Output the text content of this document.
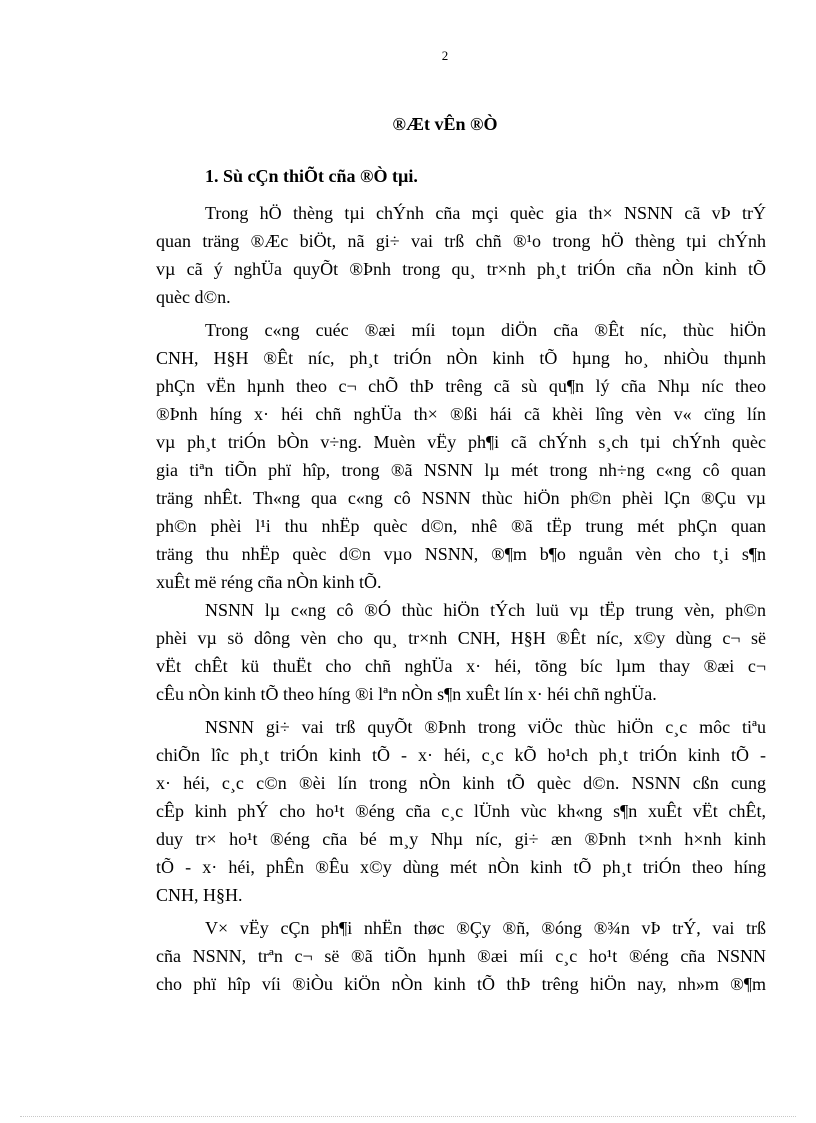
2
®Æt vÊn ®Ò
1. Sù cÇn thiÕt cña ®Ò tµi.
Trong hÖ thèng tµi chÝnh cña mçi quèc gia th× NSNN cã vÞ trÝ
quan träng ®Æc biÖt, nã gi÷ vai trß chñ ®¹o trong hÖ thèng tµi chÝnh
vµ cã ý nghÜa quyÕt ®Þnh trong qu¸ tr×nh ph¸t triÓn cña nÒn kinh tÕ
quèc d©n.
Trong c«ng cuéc ®æi míi toµn diÖn cña ®Êt níc, thùc hiÖn
CNH, H§H ®Êt níc, ph¸t triÓn nÒn kinh tÕ hµng ho¸ nhiÒu thµnh
phÇn vËn hµnh theo c¬ chÕ thÞ trêng cã sù qu¶n lý cña Nhµ níc theo
®Þnh híng x· héi chñ nghÜa th× ®ßi hái cã khèi lîng vèn v« cïng lín
vµ ph¸t triÓn bÒn v÷ng. Muèn vËy ph¶i cã chÝnh s¸ch tµi chÝnh quèc
gia tiªn tiÕn phï hîp, trong ®ã NSNN lµ mét trong nh÷ng c«ng cô quan
träng nhÊt. Th«ng qua c«ng cô NSNN thùc hiÖn ph©n phèi lÇn ®Çu vµ
ph©n phèi l¹i thu nhËp quèc d©n, nhê ®ã tËp trung mét phÇn quan
träng thu nhËp quèc d©n vµo NSNN, ®¶m b¶o nguån vèn cho t¸i s¶n
xuÊt më réng cña nÒn kinh tÕ.
NSNN lµ c«ng cô ®Ó thùc hiÖn tÝch luü vµ tËp trung vèn, ph©n
phèi vµ sö dông vèn cho qu¸ tr×nh CNH, H§H ®Êt níc, x©y dùng c¬ së
vËt chÊt kü thuËt cho chñ nghÜa x· héi, tõng bíc lµm thay ®æi c¬
cÊu nÒn kinh tÕ theo híng ®i lªn nÒn s¶n xuÊt lín x· héi chñ nghÜa.
NSNN gi÷ vai trß quyÕt ®Þnh trong viÖc thùc hiÖn c¸c môc tiªu
chiÕn lîc ph¸t triÓn kinh tÕ - x· héi, c¸c kÕ ho¹ch ph¸t triÓn kinh tÕ -
x· héi, c¸c c©n ®èi lín trong nÒn kinh tÕ quèc d©n. NSNN cßn cung
cÊp kinh phÝ cho ho¹t ®éng cña c¸c lÜnh vùc kh«ng s¶n xuÊt vËt chÊt,
duy tr× ho¹t ®éng cña bé m¸y Nhµ níc, gi÷ æn ®Þnh t×nh h×nh kinh
tÕ - x· héi, phÊn ®Êu x©y dùng mét nÒn kinh tÕ ph¸t triÓn theo híng
CNH, H§H.
V× vËy cÇn ph¶i nhËn thøc ®Çy ®ñ, ®óng ®¾n vÞ trÝ, vai trß
cña NSNN, trªn c¬ së ®ã tiÕn hµnh ®æi míi c¸c ho¹t ®éng cña NSNN
cho phï hîp víi ®iÒu kiÖn nÒn kinh tÕ thÞ trêng hiÖn nay, nh»m ®¶m
